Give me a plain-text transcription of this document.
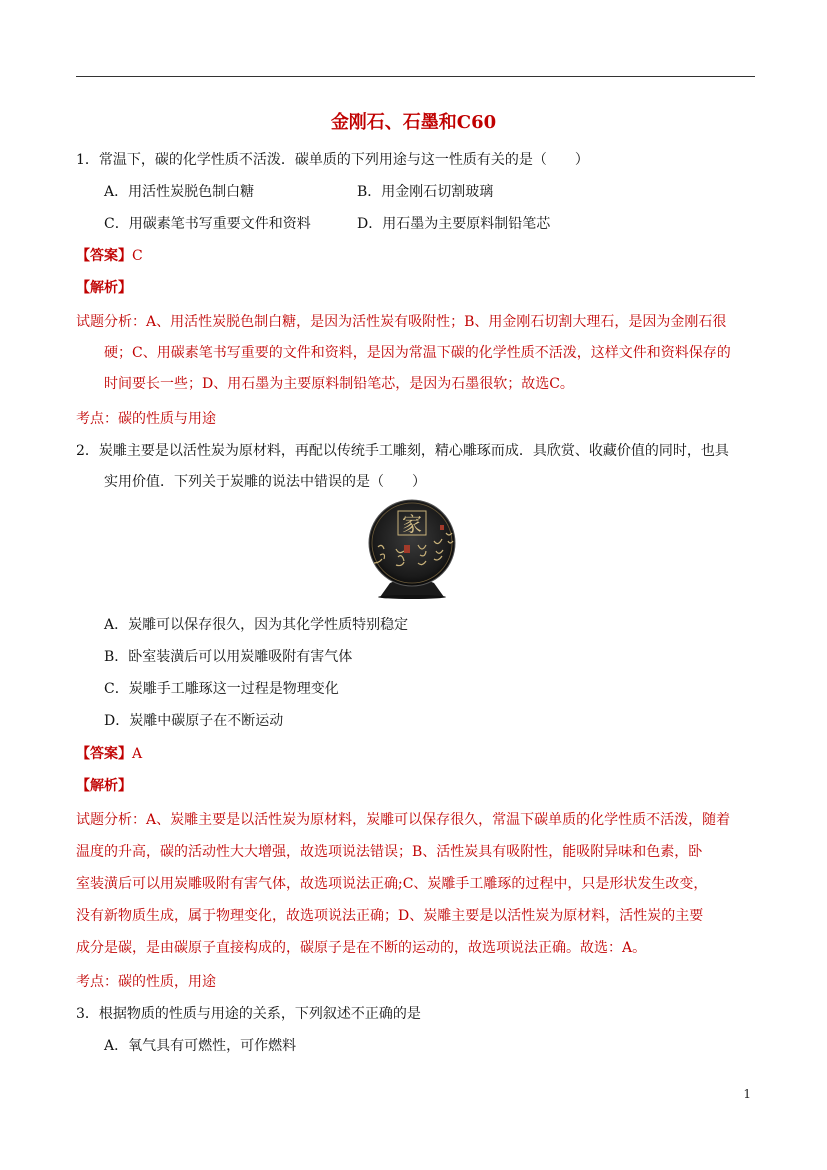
金刚石、石墨和C60
1．常温下，碳的化学性质不活泼．碳单质的下列用途与这一性质有关的是（　　）
A．用活性炭脱色制白糖	B．用金刚石切割玻璃
C．用碳素笔书写重要文件和资料	D．用石墨为主要原料制铅笔芯
【答案】C
【解析】
试题分析：A、用活性炭脱色制白糖，是因为活性炭有吸附性；B、用金刚石切割大理石，是因为金刚石很
硬；C、用碳素笔书写重要的文件和资料，是因为常温下碳的化学性质不活泼，这样文件和资料保存的
时间要长一些；D、用石墨为主要原料制铅笔芯，是因为石墨很软；故选C。
考点：碳的性质与用途
2．炭雕主要是以活性炭为原材料，再配以传统手工雕刻，精心雕琢而成．具欣赏、收藏价值的同时，也具
实用价值．下列关于炭雕的说法中错误的是（　　）
家
A．炭雕可以保存很久，因为其化学性质特别稳定
B．卧室装潢后可以用炭雕吸附有害气体
C．炭雕手工雕琢这一过程是物理变化
D．炭雕中碳原子在不断运动
【答案】A
【解析】
试题分析：A、炭雕主要是以活性炭为原材料，炭雕可以保存很久，常温下碳单质的化学性质不活泼，随着
温度的升高，碳的活动性大大增强，故选项说法错误；B、活性炭具有吸附性，能吸附异味和色素，卧
室装潢后可以用炭雕吸附有害气体，故选项说法正确;C、炭雕手工雕琢的过程中，只是形状发生改变，
没有新物质生成，属于物理变化，故选项说法正确；D、炭雕主要是以活性炭为原材料，活性炭的主要
成分是碳，是由碳原子直接构成的，碳原子是在不断的运动的，故选项说法正确。故选：A。
考点：碳的性质，用途
3．根据物质的性质与用途的关系，下列叙述不正确的是
A．氧气具有可燃性，可作燃料
1
